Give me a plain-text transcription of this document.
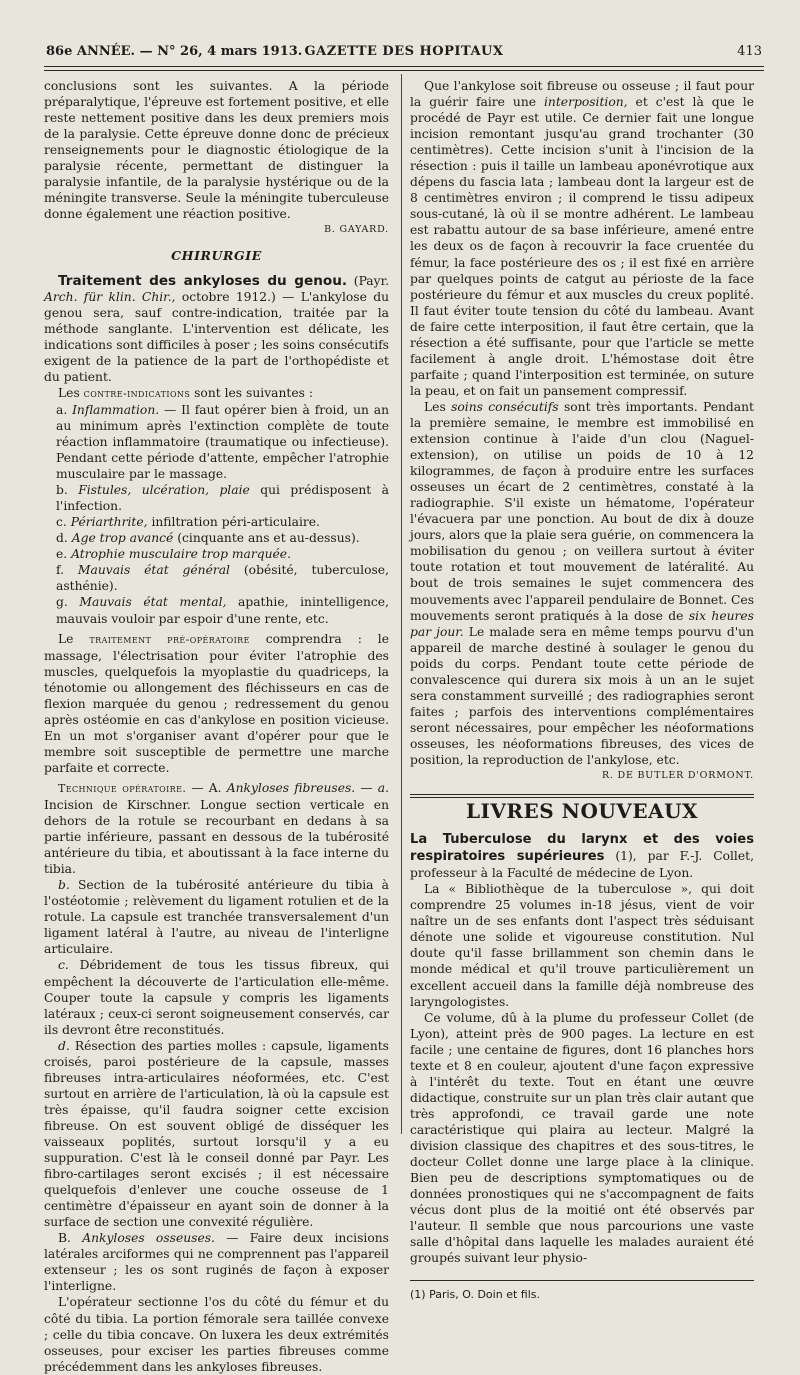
86e ANNÉE. — N° 26, 4 mars 1913. GAZETTE DES HOPITAUX	413

conclusions sont les suivantes. A la période préparalytique, l'épreuve est fortement positive, et elle reste nettement positive dans les deux premiers mois de la paralysie. Cette épreuve donne donc de précieux renseignements pour le diagnostic étiologique de la paralysie récente, permettant de distinguer la paralysie infantile, de la paralysie hystérique ou de la méningite transverse. Seule la méningite tuberculeuse donne également une réaction positive.

B. GAYARD.

CHIRURGIE

Traitement des ankyloses du genou. (Payr. Arch. für klin. Chir., octobre 1912.) — L'ankylose du genou sera, sauf contre-indication, traitée par la méthode sanglante. L'intervention est délicate, les indications sont difficiles à poser ; les soins consécutifs exigent de la patience de la part de l'orthopédiste et du patient.

Les contre-indications sont les suivantes :

a. Inflammation. — Il faut opérer bien à froid, un an au minimum après l'extinction complète de toute réaction inflammatoire (traumatique ou infectieuse). Pendant cette période d'attente, empêcher l'atrophie musculaire par le massage.

b. Fistules, ulcération, plaie qui prédisposent à l'infection.

c. Périarthrite, infiltration péri-articulaire.

d. Age trop avancé (cinquante ans et au-dessus).

e. Atrophie musculaire trop marquée.

f. Mauvais état général (obésité, tuberculose, asthénie).

g. Mauvais état mental, apathie, inintelligence, mauvais vouloir par espoir d'une rente, etc.

Le traitement pré-opératoire comprendra : le massage, l'électrisation pour éviter l'atrophie des muscles, quelquefois la myoplastie du quadriceps, la ténotomie ou allongement des fléchisseurs en cas de flexion marquée du genou ; redressement du genou après ostéomie en cas d'ankylose en position vicieuse. En un mot s'organiser avant d'opérer pour que le membre soit susceptible de permettre une marche parfaite et correcte.

Technique opératoire. — A. Ankyloses fibreuses. — a. Incision de Kirschner. Longue section verticale en dehors de la rotule se recourbant en dedans à sa partie inférieure, passant en dessous de la tubérosité antérieure du tibia, et aboutissant à la face interne du tibia.

b. Section de la tubérosité antérieure du tibia à l'ostéotomie ; relèvement du ligament rotulien et de la rotule. La capsule est tranchée transversalement d'un ligament latéral à l'autre, au niveau de l'interligne articulaire.

c. Débridement de tous les tissus fibreux, qui empêchent la découverte de l'articulation elle-même. Couper toute la capsule y compris les ligaments latéraux ; ceux-ci seront soigneusement conservés, car ils devront être reconstitués.

d. Résection des parties molles : capsule, ligaments croisés, paroi postérieure de la capsule, masses fibreuses intra-articulaires néoformées, etc. C'est surtout en arrière de l'articulation, là où la capsule est très épaisse, qu'il faudra soigner cette excision fibreuse. On est souvent obligé de disséquer les vaisseaux poplités, surtout lorsqu'il y a eu suppuration. C'est là le conseil donné par Payr. Les fibro-cartilages seront excisés ; il est nécessaire quelquefois d'enlever une couche osseuse de 1 centimètre d'épaisseur en ayant soin de donner à la surface de section une convexité régulière.

B. Ankyloses osseuses. — Faire deux incisions latérales arciformes qui ne comprennent pas l'appareil extenseur ; les os sont ruginés de façon à exposer l'interligne.

L'opérateur sectionne l'os du côté du fémur et du côté du tibia. La portion fémorale sera taillée convexe ; celle du tibia concave. On luxera les deux extrémités osseuses, pour exciser les parties fibreuses comme précédemment dans les ankyloses fibreuses.

Que l'ankylose soit fibreuse ou osseuse ; il faut pour la guérir faire une interposition, et c'est là que le procédé de Payr est utile. Ce dernier fait une longue incision remontant jusqu'au grand trochanter (30 centimètres). Cette incision s'unit à l'incision de la résection : puis il taille un lambeau aponévrotique aux dépens du fascia lata ; lambeau dont la largeur est de 8 centimètres environ ; il comprend le tissu adipeux sous-cutané, là où il se montre adhérent. Le lambeau est rabattu autour de sa base inférieure, amené entre les deux os de façon à recouvrir la face cruentée du fémur, la face postérieure des os ; il est fixé en arrière par quelques points de catgut au périoste de la face postérieure du fémur et aux muscles du creux poplité. Il faut éviter toute tension du côté du lambeau. Avant de faire cette interposition, il faut être certain, que la résection a été suffisante, pour que l'article se mette facilement à angle droit. L'hémostase doit être parfaite ; quand l'interposition est terminée, on suture la peau, et on fait un pansement compressif.

Les soins consécutifs sont très importants. Pendant la première semaine, le membre est immobilisé en extension continue à l'aide d'un clou (Naguel-extension), on utilise un poids de 10 à 12 kilogrammes, de façon à produire entre les surfaces osseuses un écart de 2 centimètres, constaté à la radiographie. S'il existe un hématome, l'opérateur l'évacuera par une ponction. Au bout de dix à douze jours, alors que la plaie sera guérie, on commencera la mobilisation du genou ; on veillera surtout à éviter toute rotation et tout mouvement de latéralité. Au bout de trois semaines le sujet commencera des mouvements avec l'appareil pendulaire de Bonnet. Ces mouvements seront pratiqués à la dose de six heures par jour. Le malade sera en même temps pourvu d'un appareil de marche destiné à soulager le genou du poids du corps. Pendant toute cette période de convalescence qui durera six mois à un an le sujet sera constamment surveillé ; des radiographies seront faites ; parfois des interventions complémentaires seront nécessaires, pour empêcher les néoformations osseuses, les néoformations fibreuses, des vices de position, la reproduction de l'ankylose, etc.

R. DE BUTLER D'ORMONT.

LIVRES NOUVEAUX

La Tuberculose du larynx et des voies respiratoires supérieures (1), par F.-J. Collet, professeur à la Faculté de médecine de Lyon.

La « Bibliothèque de la tuberculose », qui doit comprendre 25 volumes in-18 jésus, vient de voir naître un de ses enfants dont l'aspect très séduisant dénote une solide et vigoureuse constitution. Nul doute qu'il fasse brillamment son chemin dans le monde médical et qu'il trouve particulièrement un excellent accueil dans la famille déjà nombreuse des laryngologistes.

Ce volume, dû à la plume du professeur Collet (de Lyon), atteint près de 900 pages. La lecture en est facile ; une centaine de figures, dont 16 planches hors texte et 8 en couleur, ajoutent d'une façon expressive à l'intérêt du texte. Tout en étant une œuvre didactique, construite sur un plan très clair autant que très approfondi, ce travail garde une note caractéristique qui plaira au lecteur. Malgré la division classique des chapitres et des sous-titres, le docteur Collet donne une large place à la clinique. Bien peu de descriptions symptomatiques ou de données pronostiques qui ne s'accompagnent de faits vécus dont plus de la moitié ont été observés par l'auteur. Il semble que nous parcourions une vaste salle d'hôpital dans laquelle les malades auraient été groupés suivant leur physio-

(1) Paris, O. Doin et fils.
